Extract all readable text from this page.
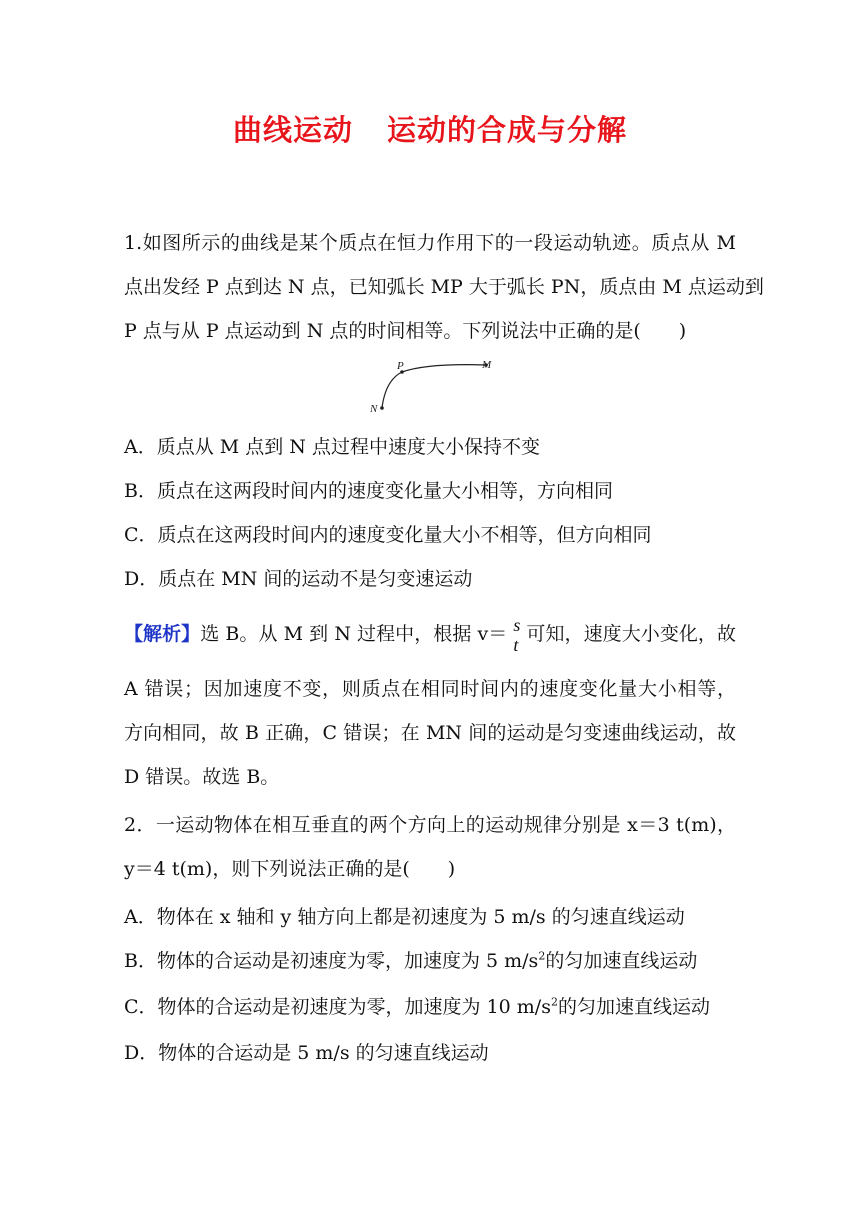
曲线运动 运动的合成与分解
1.如图所示的曲线是某个质点在恒力作用下的一段运动轨迹。质点从 M
点出发经 P 点到达 N 点，已知弧长 MP 大于弧长 PN，质点由 M 点运动到
P 点与从 P 点运动到 N 点的时间相等。下列说法中正确的是(　　)
P	M
N
A．质点从 M 点到 N 点过程中速度大小保持不变
B．质点在这两段时间内的速度变化量大小相等，方向相同
C．质点在这两段时间内的速度变化量大小不相等，但方向相同
D．质点在 MN 间的运动不是匀变速运动
【解析】选 B。从 M 到 N 过程中，根据 v＝ s
t 可知，速度大小变化，故
A 错误；因加速度不变，则质点在相同时间内的速度变化量大小相等，
方向相同，故 B 正确，C 错误；在 MN 间的运动是匀变速曲线运动，故
D 错误。故选 B。
2．一运动物体在相互垂直的两个方向上的运动规律分别是 x＝3 t(m)，
y＝4 t(m)，则下列说法正确的是(　　)
A．物体在 x 轴和 y 轴方向上都是初速度为 5 m/s 的匀速直线运动
B．物体的合运动是初速度为零，加速度为 5 $m/s^2$的匀加速直线运动
C．物体的合运动是初速度为零，加速度为 10 $m/s^2$的匀加速直线运动
D．物体的合运动是 5 m/s 的匀速直线运动
